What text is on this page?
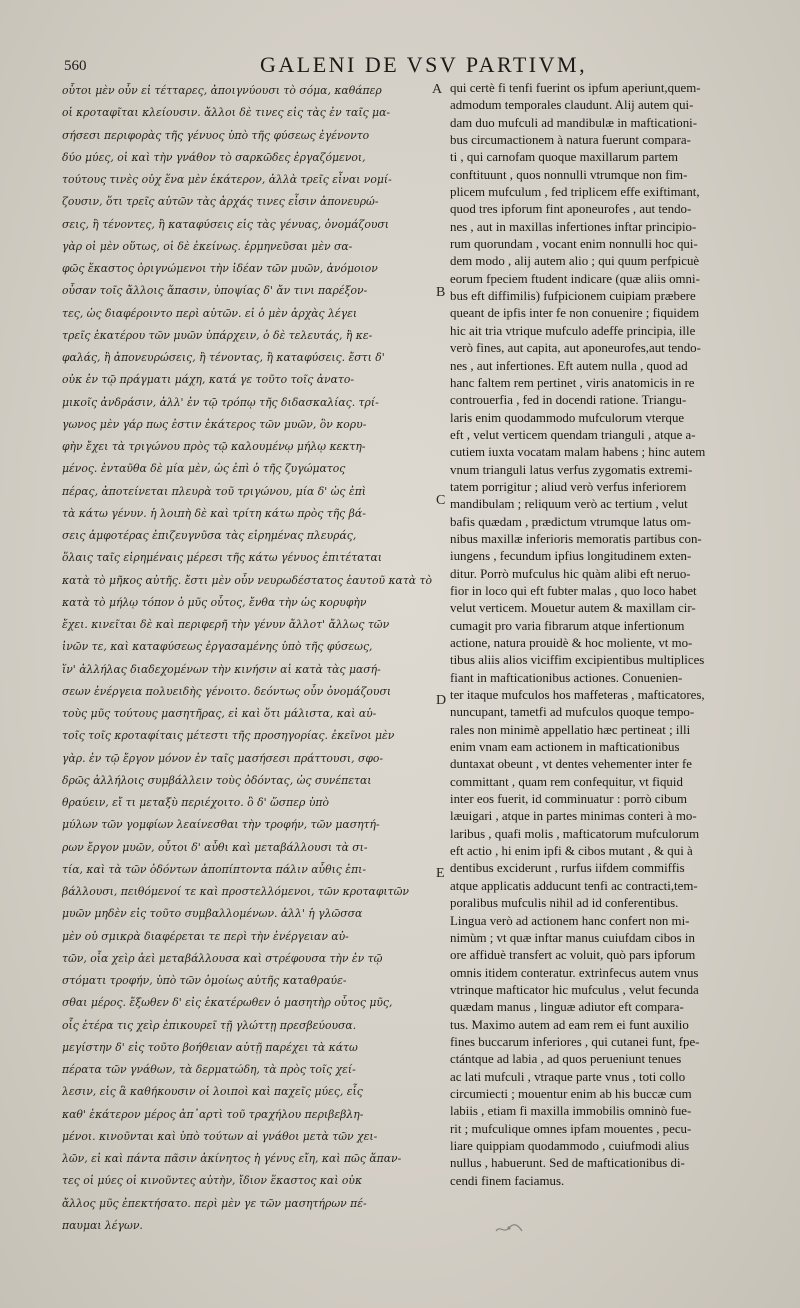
560	GALENI DE VSV PARTIVM,
οὗτοι μὲν οὖν εἰ τέτταρες, ἀποιγνύουσι τὸ σόμα, καθάπερ
οἱ κροταφῖται κλείουσιν. ἄλλοι δὲ τινες εἰς τὰς ἐν ταῖς μα-
σήσεσι περιφορὰς τῆς γένυος ὑπὸ τῆς φύσεως ἐγένοντο
δύο μύες, οἱ καὶ τὴν γνάθον τὸ σαρκῶδες ἐργαζόμενοι,
τούτους τινὲς οὐχ ἕνα μὲν ἑκάτερον, ἀλλὰ τρεῖς εἶναι νομί-
ζουσιν, ὅτι τρεῖς αὐτῶν τὰς ἀρχάς τινες εἶσιν ἀπονευρώ-
σεις, ἢ τένοντες, ἢ καταφύσεις εἰς τὰς γένυας, ὀνομάζουσι
γὰρ οἱ μὲν οὕτως, οἱ δὲ ἐκείνως. ἑρμηνεῦσαι μὲν σα-
φῶς ἕκαστος ὀριγνώμενοι τὴν ἰδέαν τῶν μυῶν, ἀνόμοιον
οὖσαν τοῖς ἄλλοις ἅπασιν, ὑποψίας δ' ἄν τινι παρέξον-
τες, ὡς διαφέροιντο περὶ αὐτῶν. εἰ ὁ μὲν ἀρχὰς λέγει
τρεῖς ἑκατέρου τῶν μυῶν ὑπάρχειν, ὁ δὲ τελευτάς, ἢ κε-
φαλάς, ἢ ἀπονευρώσεις, ἢ τένοντας, ἢ καταφύσεις. ἔστι δ'
οὐκ ἐν τῷ πράγματι μάχη, κατά γε τοῦτο τοῖς ἀνατο-
μικοῖς ἀνδράσιν, ἀλλ' ἐν τῷ τρόπῳ τῆς διδασκαλίας. τρί-
γωνος μὲν γάρ πως ἐστιν ἑκάτερος τῶν μυῶν, ὃν κορυ-
φὴν ἔχει τὰ τριγώνου πρὸς τῷ καλουμένῳ μήλῳ κεκτη-
μένος. ἐνταῦθα δὲ μία μὲν, ὡς ἐπὶ ὁ τῆς ζυγώματος
πέρας, ἀποτείνεται πλευρὰ τοῦ τριγώνου, μία δ' ὡς ἐπὶ
τὰ κάτω γένυν. ἡ λοιπὴ δὲ καὶ τρίτη κάτω πρὸς τῆς βά-
σεις ἀμφοτέρας ἐπιζευγνῦσα τὰς εἰρημένας πλευράς,
ὅλαις ταῖς εἰρημέναις μέρεσι τῆς κάτω γένυος ἐπιτέταται
κατὰ τὸ μῆκος αὐτῆς. ἔστι μὲν οὖν νευρωδέστατος ἑαυτοῦ κατὰ τὸ
κατὰ τὸ μήλῳ τόπον ὁ μῦς οὗτος, ἔνθα τὴν ὡς κορυφὴν
ἔχει. κινεῖται δὲ καὶ περιφερῆ τὴν γένυν ἄλλοτ' ἄλλως τῶν
ἰνῶν τε, καὶ καταφύσεως ἐργασαμένης ὑπὸ τῆς φύσεως,
ἵν' ἀλλήλας διαδεχομένων τὴν κινήσιν αἱ κατὰ τὰς μασή-
σεων ἐνέργεια πολυειδὴς γένοιτο. δεόντως οὖν ὀνομάζουσι
τοὺς μῦς τούτους μασητῆρας, εἰ καὶ ὅτι μάλιστα, καὶ αὐ-
τοῖς τοῖς κροταφίταις μέτεστι τῆς προσηγορίας. ἐκεῖνοι μὲν
γὰρ. ἐν τῷ ἔργον μόνον ἐν ταῖς μασήσεσι πράττουσι, σφο-
δρῶς ἀλλήλοις συμβάλλειν τοὺς ὀδόντας, ὡς συνέπεται
θραύειν, εἴ τι μεταξὺ περιέχοιτο. ὃ δ' ὥσπερ ὑπὸ
μύλων τῶν γομφίων λεαίνεσθαι τὴν τροφήν, τῶν μασητή-
ρων ἔργον μυῶν, οὗτοι δ' αὖθι καὶ μεταβάλλουσι τὰ σι-
τία, καὶ τὰ τῶν ὀδόντων ἀποπίπτοντα πάλιν αὖθις ἐπι-
βάλλουσι, πειθόμενοί τε καὶ προστελλόμενοι, τῶν κροταφιτῶν
μυῶν μηδὲν εἰς τοῦτο συμβαλλομένων. ἀλλ' ἡ γλῶσσα
μὲν οὐ σμικρὰ διαφέρεται τε περὶ τὴν ἐνέργειαν αὐ-
τῶν, οἷα χεὶρ ἀεὶ μεταβάλλουσα καὶ στρέφουσα τὴν ἐν τῷ
στόματι τροφήν, ὑπὸ τῶν ὁμοίως αὐτῆς καταθραύε-
σθαι μέρος. ἔξωθεν δ' εἰς ἑκατέρωθεν ὁ μασητὴρ οὗτος μῦς,
οἷς ἑτέρα τις χεὶρ ἐπικουρεῖ τῇ γλώττῃ πρεσβεύουσα.
μεγίστην δ' εἰς τοῦτο βοήθειαν αὐτῇ παρέχει τὰ κάτω
πέρατα τῶν γνάθων, τὰ δερματώδη, τὰ πρὸς τοῖς χεί-
λεσιν, εἰς ἃ καθήκουσιν οἱ λοιποὶ καὶ παχεῖς μύες, εἷς
καθ' ἑκάτερον μέρος ἀπ᾽αρτὶ τοῦ τραχήλου περιβεβλη-
μένοι. κινοῦνται καὶ ὑπὸ τούτων αἱ γνάθοι μετὰ τῶν χει-
λῶν, εἰ καὶ πάντα πᾶσιν ἀκίνητος ἡ γένυς εἴη, καὶ πῶς ἅπαν-
τες οἱ μύες οἱ κινοῦντες αὐτὴν, ἴδιον ἕκαστος καὶ οὐκ
ἄλλος μῦς ἐπεκτήσατο. περὶ μὲν γε τῶν μασητήρων πέ-
παυμαι λέγων.
qui certè fi tenfi fuerint os ipfum aperiunt,quem-
admodum temporales claudunt. Alij autem qui-
dam duo mufculi ad mandibulæ in mafticationi-
bus circumactionem à natura fuerunt compara-
ti , qui carnofam quoque maxillarum partem
conftituunt , quos nonnulli vtrumque non fim-
plicem mufculum , fed triplicem effe exiftimant,
quod tres ipforum fint aponeurofes , aut tendo-
nes , aut in maxillas infertiones inftar principio-
rum quorundam , vocant enim nonnulli hoc qui-
dem modo , alij autem alio ; qui quum perfpicuè
eorum fpeciem ftudent indicare (quæ aliis omni-
bus eft diffimilis) fufpicionem cuipiam præbere
queant de ipfis inter fe non conuenire ; fiquidem
hic ait tria vtrique mufculo adeffe principia, ille
verò fines, aut capita, aut aponeurofes,aut tendo-
nes , aut infertiones. Eft autem nulla , quod ad
hanc faltem rem pertinet , viris anatomicis in re
controuerfia , fed in docendi ratione. Triangu-
laris enim quodammodo mufculorum vterque
eft , velut verticem quendam trianguli , atque a-
cutiem iuxta vocatam malam habens ; hinc autem
vnum trianguli latus verfus zygomatis extremi-
tatem porrigitur ; aliud verò verfus inferiorem
mandibulam ; reliquum verò ac tertium , velut
bafis quædam , prædictum vtrumque latus om-
nibus maxillæ inferioris memoratis partibus con-
iungens , fecundum ipfius longitudinem exten-
ditur. Porrò mufculus hic quàm alibi eft neruo-
fior in loco qui eft fubter malas , quo loco habet
velut verticem. Mouetur autem & maxillam cir-
cumagit pro varia fibrarum atque infertionum
actione, natura prouidè & hoc moliente, vt mo-
tibus aliis alios viciffim excipientibus multiplices
fiant in mafticationibus actiones. Conuenien-
ter itaque mufculos hos maffeteras , mafticatores,
nuncupant, tametfi ad mufculos quoque tempo-
rales non minimè appellatio hæc pertineat ; illi
enim vnam eam actionem in mafticationibus
duntaxat obeunt , vt dentes vehementer inter fe
committant , quam rem confequitur, vt fiquid
inter eos fuerit, id comminuatur : porrò cibum
læuigari , atque in partes minimas conteri à mo-
laribus , quafi molis , mafticatorum mufculorum
eft actio , hi enim ipfi & cibos mutant , & qui à
dentibus exciderunt , rurfus iifdem commiffis
atque applicatis adducunt tenfi ac contracti,tem-
poralibus mufculis nihil ad id conferentibus.
Lingua verò ad actionem hanc confert non mi-
nimùm ; vt quæ inftar manus cuiufdam cibos in
ore affiduè transfert ac voluit, quò pars ipforum
omnis itidem conteratur. extrinfecus autem vnus
vtrinque mafticator hic mufculus , velut fecunda
quædam manus , linguæ adiutor eft compara-
tus. Maximo autem ad eam rem ei funt auxilio
fines buccarum inferiores , qui cutanei funt, fpe-
ctántque ad labia , ad quos perueniunt tenues
ac lati mufculi , vtraque parte vnus , toti collo
circumiecti ; mouentur enim ab his buccæ cum
labiis , etiam fi maxilla immobilis omninò fue-
rit ; mufculique omnes ipfam mouentes , pecu-
liare quippiam quodammodo , cuiufmodi alius
nullus , habuerunt. Sed de mafticationibus di-
cendi finem faciamus.
A
B
C
D
E
